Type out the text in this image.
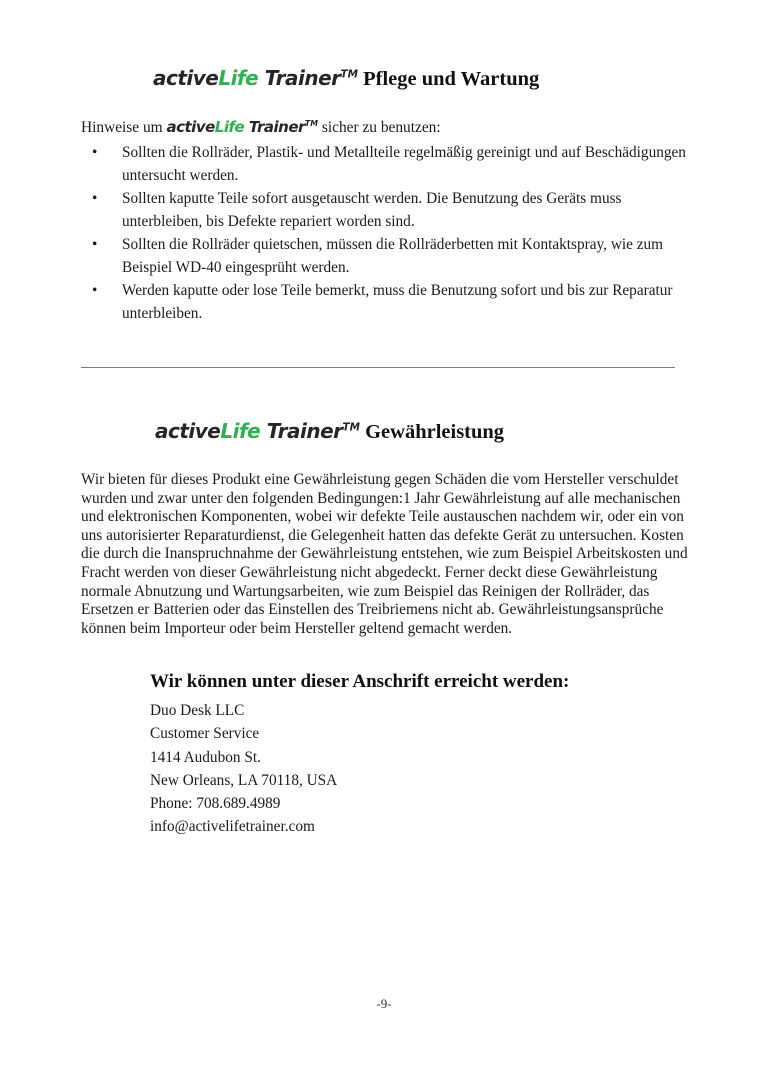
activeLife Trainer™ Pflege und Wartung
Hinweise um activeLife Trainer™ sicher zu benutzen:
• Sollten die Rollräder, Plastik- und Metallteile regelmäßig gereinigt und auf Beschädigungen untersucht werden.
• Sollten kaputte Teile sofort ausgetauscht werden. Die Benutzung des Geräts muss unterbleiben, bis Defekte repariert worden sind.
• Sollten die Rollräder quietschen, müssen die Rollräderbetten mit Kontaktspray, wie zum Beispiel WD-40 eingesprüht werden.
• Werden kaputte oder lose Teile bemerkt, muss die Benutzung sofort und bis zur Reparatur unterbleiben.
activeLife Trainer™ Gewährleistung

Wir bieten für dieses Produkt eine Gewährleistung gegen Schäden die vom Hersteller verschuldet wurden und zwar unter den folgenden Bedingungen:1 Jahr Gewährleistung auf alle mechanischen und elektronischen Komponenten, wobei wir defekte Teile austauschen nachdem wir, oder ein von uns autorisierter Reparaturdienst, die Gelegenheit hatten das defekte Gerät zu untersuchen. Kosten die durch die Inanspruchnahme der Gewährleistung entstehen, wie zum Beispiel Arbeitskosten und Fracht werden von dieser Gewährleistung nicht abgedeckt. Ferner deckt diese Gewährleistung normale Abnutzung und Wartungsarbeiten, wie zum Beispiel das Reinigen der Rollräder, das Ersetzen er Batterien oder das Einstellen des Treibriemens nicht ab. Gewährleistungsansprüche können beim Importeur oder beim Hersteller geltend gemacht werden.

Wir können unter dieser Anschrift erreicht werden:
Duo Desk LLC
Customer Service
1414 Audubon St.
New Orleans, LA 70118, USA
Phone: 708.689.4989
info@activelifetrainer.com
-9-
